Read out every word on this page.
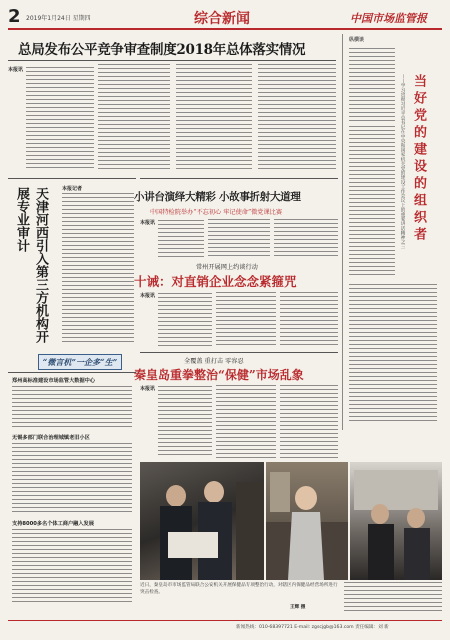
2 2019年1月24日 星期四	综合新闻	中国市场监管报
总局发布公平竞争审查制度2018年总体落实情况
本报讯
纵横谈
当好党的建设的组织者
——学习贯彻习近平总书记在中央和国家机关党的建设工作会议上的重要讲话精神之三
天津河西引入第三方机构开展专业审计	本报记者
“微言机”一企多“生”
郑州高标准建设市场监管大数据中心
无锡多部门联合治理城镇老旧小区
支持8000多名个体工商户融入发展
小讲台演绎大精彩 小故事折射大道理
中国特检院举办“不忘初心 牢记使命”微党课比赛
本报讯
常州开展网上约谈行动
十诫：对直销企业念念紧箍咒
本报讯
全覆盖 重打击 零容忍
秦皇岛重拳整治“保健”市场乱象
本报讯
近日，秦皇岛市市场监管局联合公安机关开展保健品专项整治行动，对辖区内保健品经营场所进行突击检查。
王辉 摄
新闻热线：010-68397721 E-mail: zgscjgb@163.com 责任编辑：刘 新
